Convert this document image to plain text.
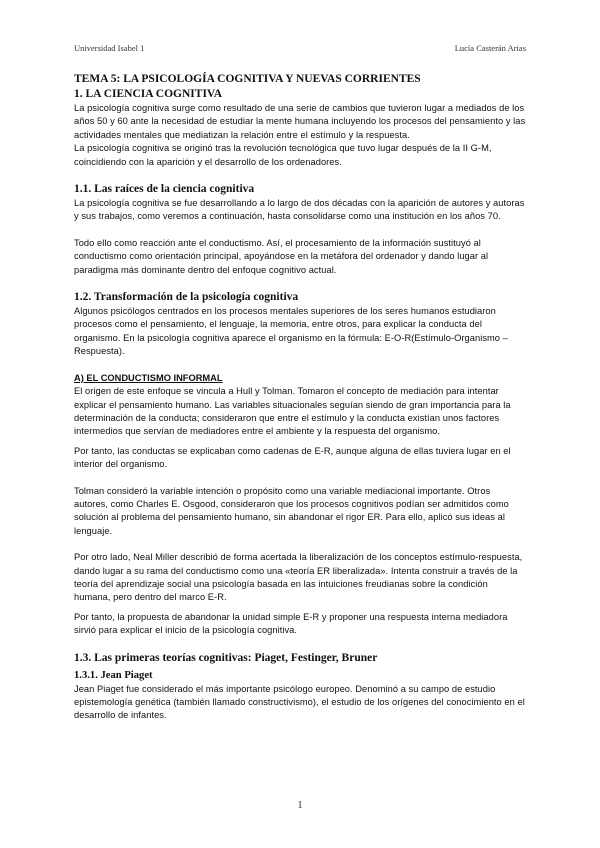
Universidad Isabel 1	Lucía Casterán Arias
TEMA 5: LA PSICOLOGÍA COGNITIVA Y NUEVAS CORRIENTES
1. LA CIENCIA COGNITIVA

La psicología cognitiva surge como resultado de una serie de cambios que tuvieron lugar a mediados de los años 50 y 60 ante la necesidad de estudiar la mente humana incluyendo los procesos del pensamiento y las actividades mentales que mediatizan la relación entre el estímulo y la respuesta.

La psicología cognitiva se originó tras la revolución tecnológica que tuvo lugar después de la II G-M, coincidiendo con la aparición y el desarrollo de los ordenadores.

1.1. Las raíces de la ciencia cognitiva

La psicología cognitiva se fue desarrollando a lo largo de dos décadas con la aparición de autores y autoras y sus trabajos, como veremos a continuación, hasta consolidarse como una institución en los años 70.

Todo ello como reacción ante el conductismo. Así, el procesamiento de la información sustituyó al conductismo como orientación principal, apoyándose en la metáfora del ordenador y dando lugar al paradigma más dominante dentro del enfoque cognitivo actual.

1.2. Transformación de la psicología cognitiva

Algunos psicólogos centrados en los procesos mentales superiores de los seres humanos estudiaron procesos como el pensamiento, el lenguaje, la memoria, entre otros, para explicar la conducta del organismo. En la psicología cognitiva aparece el organismo en la fórmula: E-O-R(Estímulo-Organismo – Respuesta).

A) EL CONDUCTISMO INFORMAL

El origen de este enfoque se vincula a Hull y Tolman. Tomaron el concepto de mediación para intentar explicar el pensamiento humano. Las variables situacionales seguían siendo de gran importancia para la determinación de la conducta; consideraron que entre el estímulo y la conducta existían unos factores intermedios que servían de mediadores entre el ambiente y la respuesta del organismo.

Por tanto, las conductas se explicaban como cadenas de E-R, aunque alguna de ellas tuviera lugar en el interior del organismo.

Tolman consideró la variable intención o propósito como una variable mediacional importante. Otros autores, como Charles E. Osgood, consideraron que los procesos cognitivos podían ser admitidos como solución al problema del pensamiento humano, sin abandonar el rigor ER. Para ello, aplicó sus ideas al lenguaje.

Por otro lado, Neal Miller describió de forma acertada la liberalización de los conceptos estímulo-respuesta, dando lugar a su rama del conductismo como una «teoría ER liberalizada». Intenta construir a través de la teoría del aprendizaje social una psicología basada en las intuiciones freudianas sobre la condición humana, pero dentro del marco E-R.

Por tanto, la propuesta de abandonar la unidad simple E-R y proponer una respuesta interna mediadora sirvió para explicar el inicio de la psicología cognitiva.

1.3. Las primeras teorías cognitivas: Piaget, Festinger, Bruner
1.3.1. Jean Piaget

Jean Piaget fue considerado el más importante psicólogo europeo. Denominó a su campo de estudio epistemología genética (también llamado constructivismo), el estudio de los orígenes del conocimiento en el desarrollo de infantes.

1
